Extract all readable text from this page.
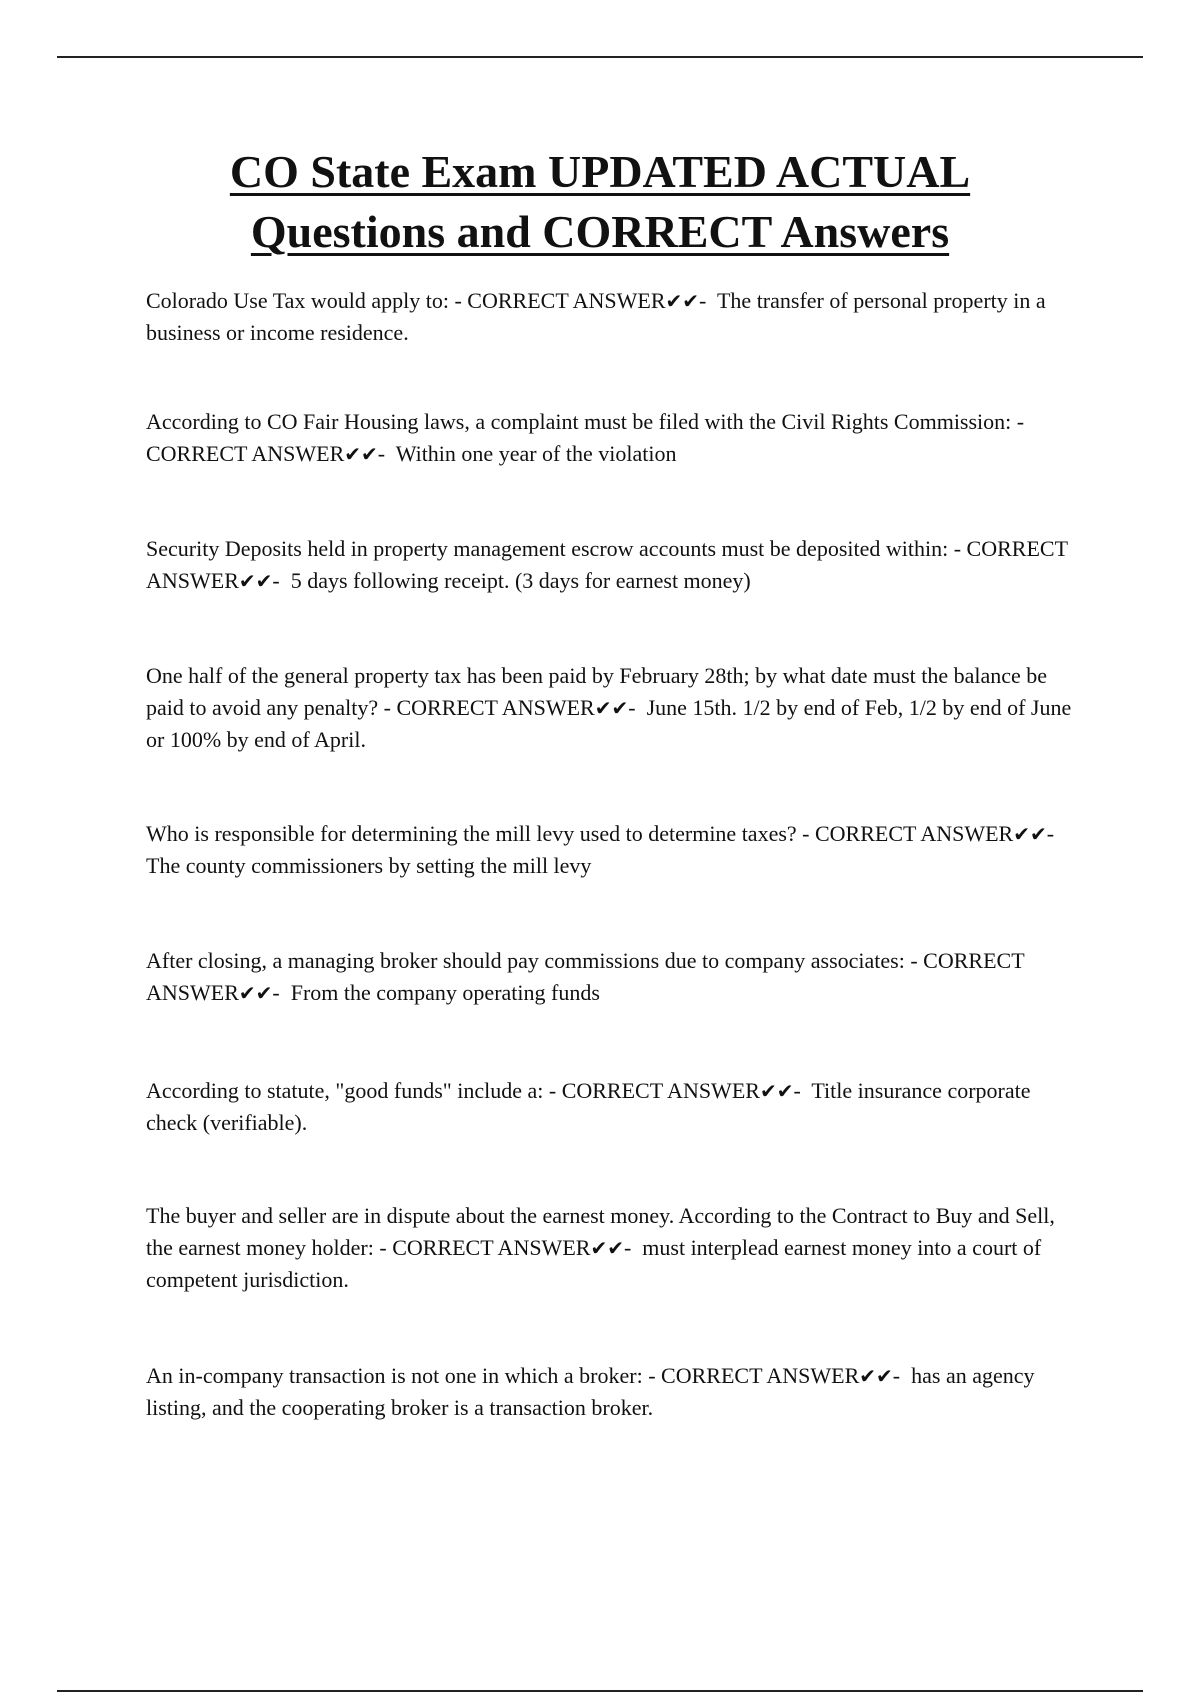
CO State Exam UPDATED ACTUAL
Questions and CORRECT Answers

Colorado Use Tax would apply to: - CORRECT ANSWER✔✔- The transfer of personal property in a business or income residence.

According to CO Fair Housing laws, a complaint must be filed with the Civil Rights Commission: - CORRECT ANSWER✔✔- Within one year of the violation

Security Deposits held in property management escrow accounts must be deposited within: - CORRECT ANSWER✔✔- 5 days following receipt. (3 days for earnest money)

One half of the general property tax has been paid by February 28th; by what date must the balance be paid to avoid any penalty? - CORRECT ANSWER✔✔- June 15th. 1/2 by end of Feb, 1/2 by end of June or 100% by end of April.

Who is responsible for determining the mill levy used to determine taxes? - CORRECT ANSWER✔✔-  The county commissioners by setting the mill levy

After closing, a managing broker should pay commissions due to company associates: - CORRECT ANSWER✔✔- From the company operating funds

According to statute, "good funds" include a: - CORRECT ANSWER✔✔- Title insurance corporate check (verifiable).

The buyer and seller are in dispute about the earnest money. According to the Contract to Buy and Sell, the earnest money holder: - CORRECT ANSWER✔✔- must interplead earnest money into a court of competent jurisdiction.

An in-company transaction is not one in which a broker: - CORRECT ANSWER✔✔- has an agency listing, and the cooperating broker is a transaction broker.
